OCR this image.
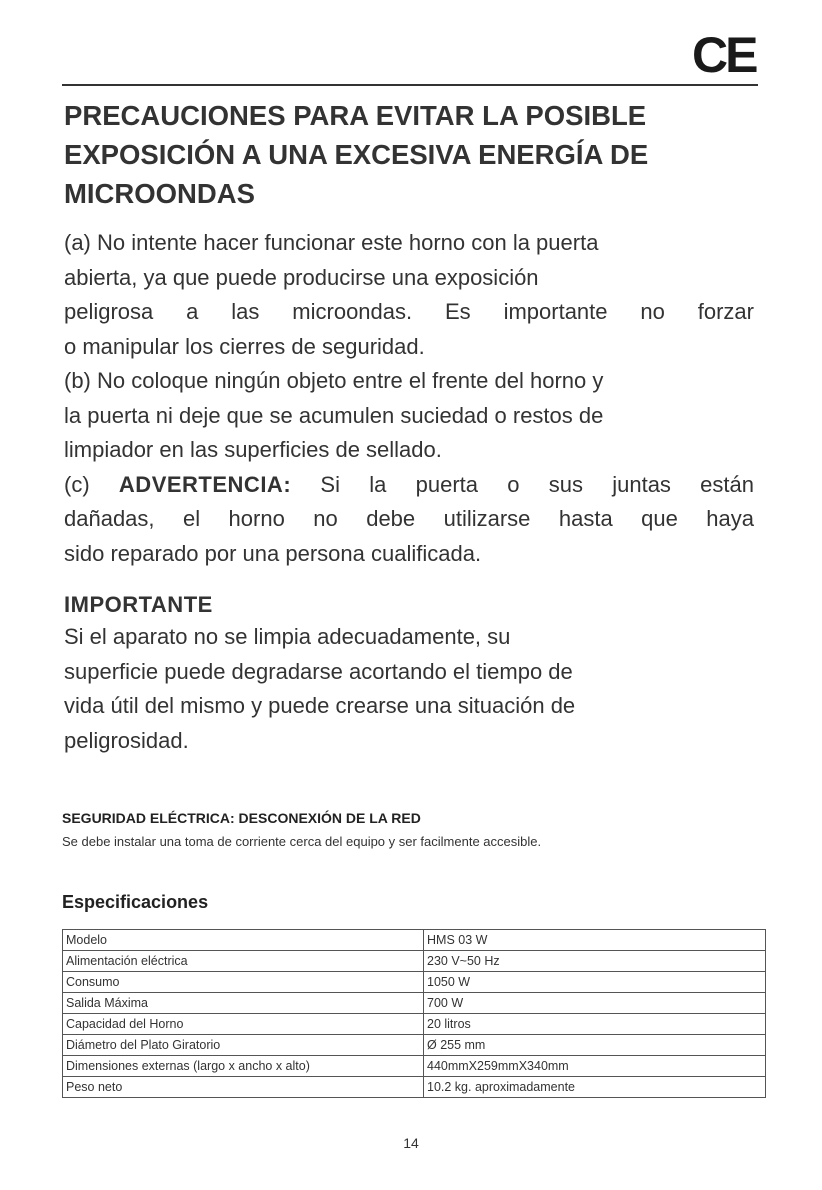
CE
PRECAUCIONES PARA EVITAR LA POSIBLE
EXPOSICIÓN A UNA EXCESIVA ENERGÍA DE
MICROONDAS
(a) No intente hacer funcionar este horno con la puerta
abierta, ya que puede producirse una exposición
peligrosa a las microondas. Es importante no forzar
o manipular los cierres de seguridad.
(b) No coloque ningún objeto entre el frente del horno y
la puerta ni deje que se acumulen suciedad o restos de
limpiador en las superficies de sellado.
(c) ADVERTENCIA: Si la puerta o sus juntas están
dañadas, el horno no debe utilizarse hasta que haya
sido reparado por una persona cualificada.
IMPORTANTE
Si el aparato no se limpia adecuadamente, su
superficie puede degradarse acortando el tiempo de
vida útil del mismo y puede crearse una situación de
peligrosidad.
SEGURIDAD ELÉCTRICA: DESCONEXIÓN DE LA RED

Se debe instalar una toma de corriente cerca del equipo y ser facilmente accesible.

Especificaciones
Modelo	HMS 03 W
Alimentación eléctrica	230 V~50 Hz
Consumo	1050 W
Salida Máxima	700 W
Capacidad del Horno	20 litros
Diámetro del Plato Giratorio	Ø 255 mm
Dimensiones externas (largo x ancho x alto)	440mmX259mmX340mm
Peso neto	10.2 kg. aproximadamente
14
